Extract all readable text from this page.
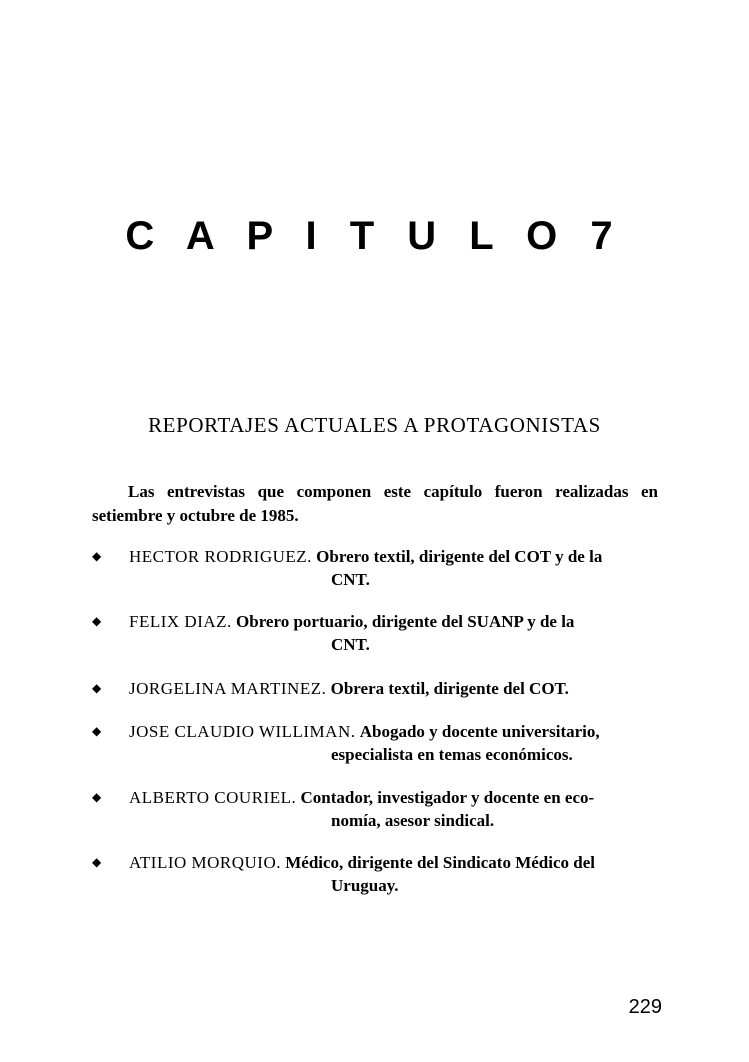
C A P I T U L O 7
REPORTAJES ACTUALES A PROTAGONISTAS
Las entrevistas que componen este capítulo fueron realizadas en setiembre y octubre de 1985.
◆ HECTOR RODRIGUEZ. Obrero textil, dirigente del COT y de la
CNT.
◆ FELIX DIAZ. Obrero portuario, dirigente del SUANP y de la
CNT.
◆ JORGELINA MARTINEZ. Obrera textil, dirigente del COT.
◆ JOSE CLAUDIO WILLIMAN. Abogado y docente universitario,
especialista en temas económicos.
◆ ALBERTO COURIEL. Contador, investigador y docente en eco-
nomía, asesor sindical.
◆ ATILIO MORQUIO. Médico, dirigente del Sindicato Médico del
Uruguay.
229
